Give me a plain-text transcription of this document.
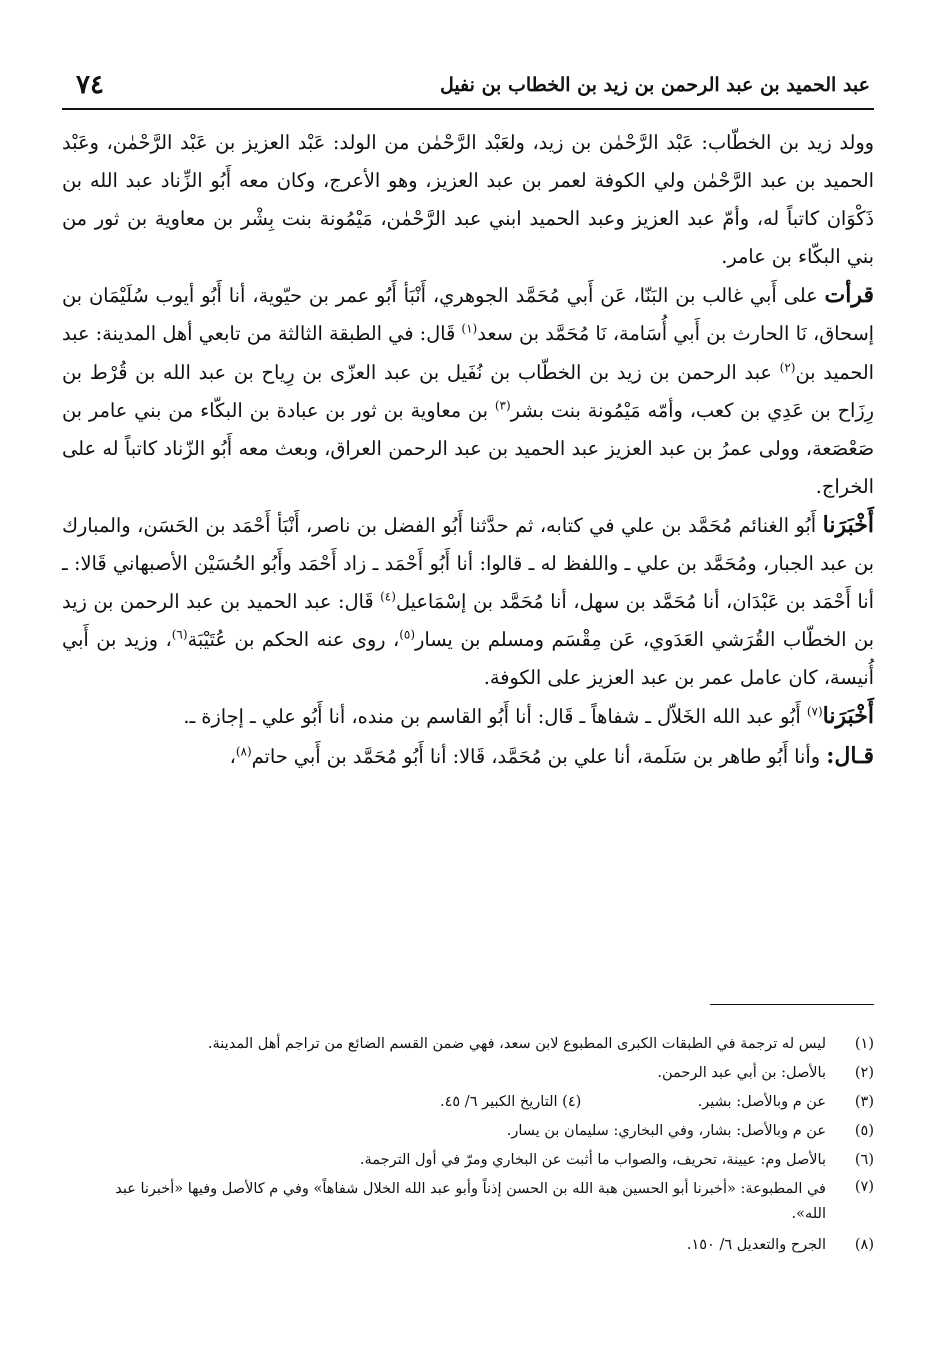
٧٤	عبد الحميد بن عبد الرحمن بن زيد بن الخطاب بن نفيل

وولد زيد بن الخطّاب: عَبْد الرَّحْمٰن بن زيد، ولعَبْد الرَّحْمٰن من الولد: عَبْد العزيز بن عَبْد الرَّحْمٰن، وعَبْد الحميد بن عبد الرَّحْمٰن ولي الكوفة لعمر بن عبد العزيز، وهو الأعرج، وكان معه أَبُو الزِّناد عبد الله بن ذَكْوَان كاتباً له، وأمّ عبد العزيز وعبد الحميد ابني عبد الرَّحْمٰن، مَيْمُونة بنت بِشْر بن معاوية بن ثور من بني البكّاء بن عامر.

قرأت على أَبي غالب بن البَنّا، عَن أَبي مُحَمَّد الجوهري، أَنْبَأ أَبُو عمر بن حيّوية، أنا أَبُو أيوب سُلَيْمَان بن إسحاق، نَا الحارث بن أَبي أُسَامة، نَا مُحَمَّد بن سعد$^{(١)}$ قَال: في الطبقة الثالثة من تابعي أهل المدينة: عبد الحميد بن$^{(٢)}$ عبد الرحمن بن زيد بن الخطّاب بن نُفَيل بن عبد العزّى بن رِياح بن عبد الله بن قُرْط بن رِزَاح بن عَدِي بن كعب، وأمّه مَيْمُونة بنت بشر$^{(٣)}$ بن معاوية بن ثور بن عبادة بن البكّاء من بني عامر بن صَعْصَعة، وولى عمرُ بن عبد العزيز عبد الحميد بن عبد الرحمن العراق، وبعث معه أَبُو الزّناد كاتباً له على الخراج.

أَخْبَرَنا أَبُو الغنائم مُحَمَّد بن علي في كتابه، ثم حدَّثنا أَبُو الفضل بن ناصر، أَنْبَأ أَحْمَد بن الحَسَن، والمبارك بن عبد الجبار، ومُحَمَّد بن علي ـ واللفظ له ـ قالوا: أنا أَبُو أَحْمَد ـ زاد أَحْمَد وأَبُو الحُسَيْن الأصبهاني قَالا: ـ أنا أَحْمَد بن عَبْدَان، أنا مُحَمَّد بن سهل، أنا مُحَمَّد بن إسْمَاعيل$^{(٤)}$ قَال: عبد الحميد بن عبد الرحمن بن زيد بن الخطّاب القُرَشي العَدَوي، عَن مِقْسَم ومسلم بن يسار$^{(٥)}$، روى عنه الحكم بن عُتَيْبَة$^{(٦)}$، وزيد بن أَبي أُنيسة، كان عامل عمر بن عبد العزيز على الكوفة.

أَخْبَرَنا$^{(٧)}$ أَبُو عبد الله الخَلاّل ـ شفاهاً ـ قَال: أنا أَبُو القاسم بن منده، أنا أَبُو علي ـ إجازة ـ.

قـال: وأنا أَبُو طاهر بن سَلَمة، أنا علي بن مُحَمَّد، قَالا: أنا أَبُو مُحَمَّد بن أَبي حاتم$^{(٨)}$،

(١)
ليس له ترجمة في الطبقات الكبرى المطبوع لابن سعد، فهي ضمن القسم الضائع من تراجم أهل المدينة.
(٢)
بالأصل: بن أبي عبد الرحمن.
(٣)
عن م وبالأصل: بشير.
(٤) التاريخ الكبير ٦/ ٤٥.
(٥)
عن م وبالأصل: بشار، وفي البخاري: سليمان بن يسار.
(٦)
بالأصل وم: عيينة، تحريف، والصواب ما أثبت عن البخاري ومرّ في أول الترجمة.
(٧)
في المطبوعة: «أخبرنا أبو الحسين هبة الله بن الحسن إذناً وأبو عبد الله الخلال شفاهاً» وفي م كالأصل وفيها «أخبرنا عبد الله».
(٨)
الجرح والتعديل ٦/ ١٥٠.
